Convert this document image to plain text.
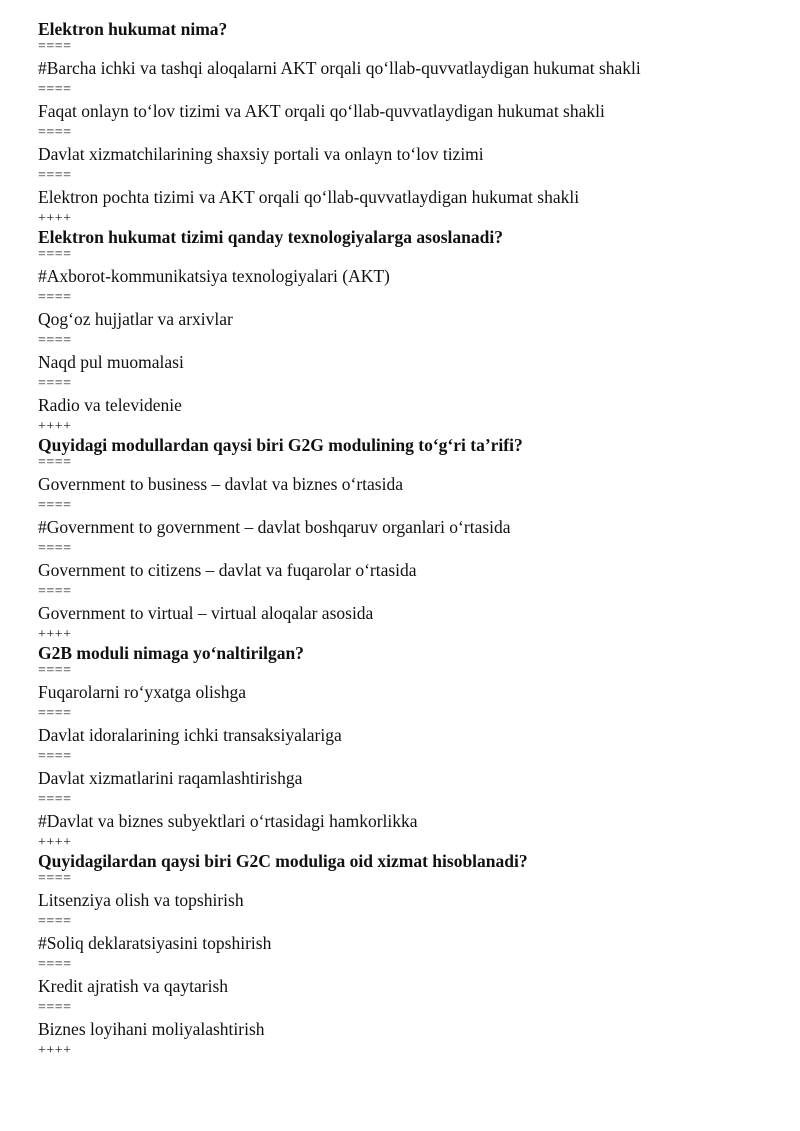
Elektron hukumat nima?
====
#Barcha ichki va tashqi aloqalarni AKT orqali qo‘llab-quvvatlaydigan hukumat shakli
====
Faqat onlayn to‘lov tizimi va AKT orqali qo‘llab-quvvatlaydigan hukumat shakli
====
Davlat xizmatchilarining shaxsiy portali va onlayn to‘lov tizimi
====
Elektron pochta tizimi va AKT orqali qo‘llab-quvvatlaydigan hukumat shakli
++++
Elektron hukumat tizimi qanday texnologiyalarga asoslanadi?
====
#Axborot-kommunikatsiya texnologiyalari (AKT)
====
Qog‘oz hujjatlar va arxivlar
====
Naqd pul muomalasi
====
Radio va televidenie
++++
Quyidagi modullardan qaysi biri G2G modulining to‘g‘ri ta’rifi?
====
Government to business – davlat va biznes o‘rtasida
====
#Government to government – davlat boshqaruv organlari o‘rtasida
====
Government to citizens – davlat va fuqarolar o‘rtasida
====
Government to virtual – virtual aloqalar asosida
++++
G2B moduli nimaga yo‘naltirilgan?
====
Fuqarolarni ro‘yxatga olishga
====
Davlat idoralarining ichki transaksiyalariga
====
Davlat xizmatlarini raqamlashtirishga
====
#Davlat va biznes subyektlari o‘rtasidagi hamkorlikka
++++
Quyidagilardan qaysi biri G2C moduliga oid xizmat hisoblanadi?
====
Litsenziya olish va topshirish
====
#Soliq deklaratsiyasini topshirish
====
Kredit ajratish va qaytarish
====
Biznes loyihani moliyalashtirish
++++
